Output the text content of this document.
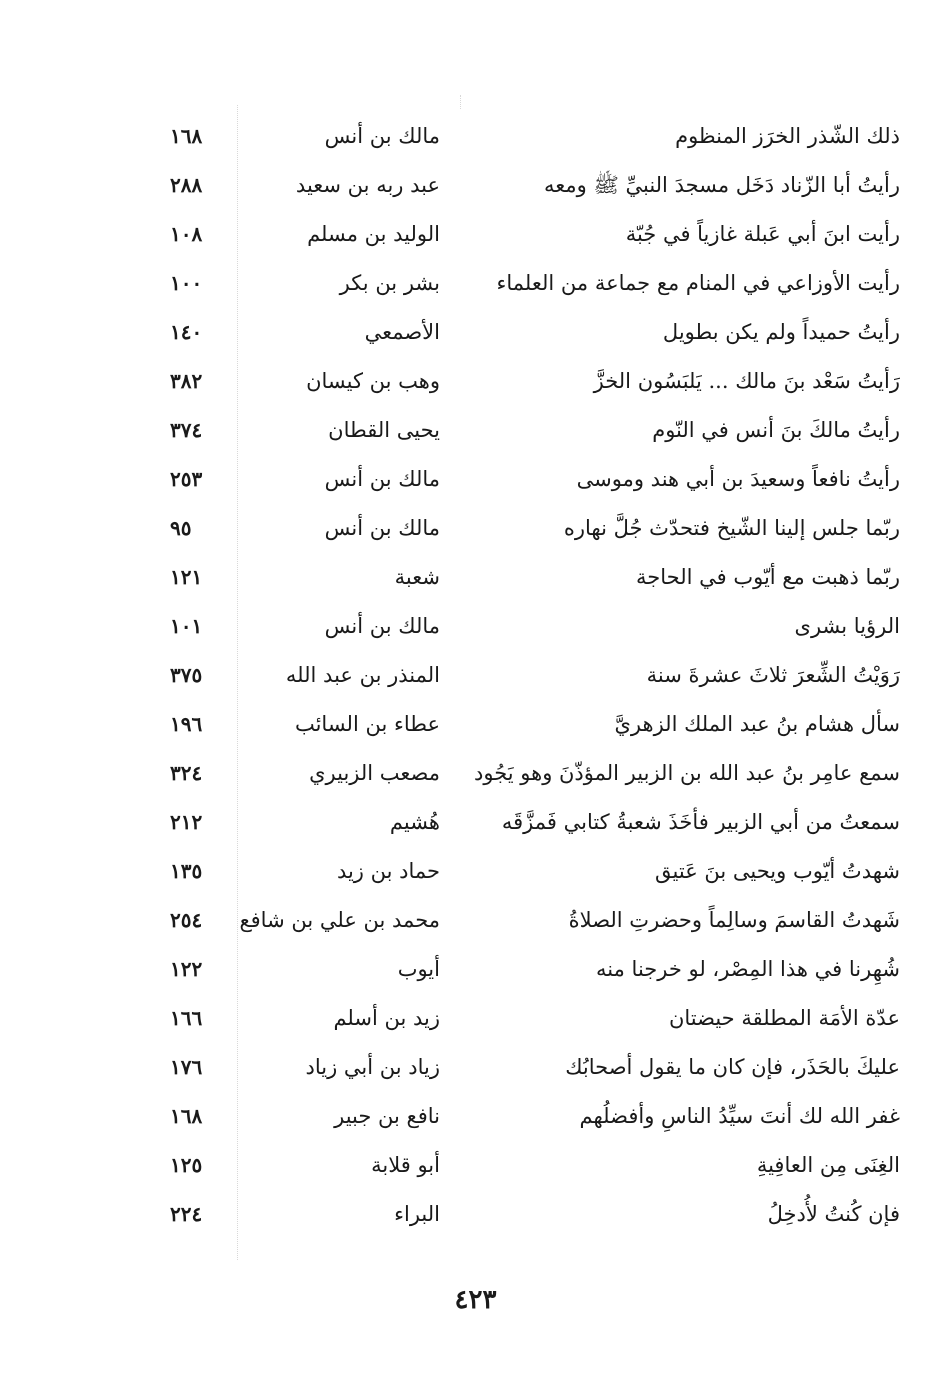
ذلك الشّذر الخرَز المنظوم
مالك بن أنس
١٦٨
رأيتُ أبا الزّناد دَخَل مسجدَ النبيِّ ﷺ ومعه
عبد ربه بن سعيد
٢٨٨
رأيت ابنَ أبي عَبلة غازياً في جُبّة
الوليد بن مسلم
١٠٨
رأيت الأوزاعي في المنام مع جماعة من العلماء
بشر بن بكر
١٠٠
رأيتُ حميداً ولم يكن بطويل
الأصمعي
١٤٠
رَأيتُ سَعْد بنَ مالك ... يَلبَسُون الخزَّ
وهب بن كيسان
٣٨٢
رأيتُ مالكَ بنَ أنس في النّوم
يحيى القطان
٣٧٤
رأيتُ نافعاً وسعيدَ بن أبي هند وموسى
مالك بن أنس
٢٥٣
ربّما جلس إلينا الشّيخ فتحدّث جُلَّ نهاره
مالك بن أنس
٩٥
ربّما ذهبت مع أيّوب في الحاجة
شعبة
١٢١
الرؤيا بشرى
مالك بن أنس
١٠١
رَوَيْتُ الشِّعرَ ثلاثَ عشرةَ سنة
المنذر بن عبد الله
٣٧٥
سأل هشام بنُ عبد الملك الزهريَّ
عطاء بن السائب
١٩٦
سمع عامِر بنُ عبد الله بن الزبير المؤذّنَ وهو يَجُود
مصعب الزبيري
٣٢٤
سمعتُ من أبي الزبير فأخَذَ شعبةُ كتابي فَمزَّقَه
هُشيم
٢١٢
شهدتُ أيّوب ويحيى بنَ عَتيق
حماد بن زيد
١٣٥
شَهدتُ القاسمَ وسالِماً وحضرتِ الصلاةُ
محمد بن علي بن شافع
٢٥٤
شُهِرنا في هذا المِصْر، لو خرجنا منه
أيوب
١٢٢
عدّة الأمَة المطلقة حيضتان
زيد بن أسلم
١٦٦
عليكَ بالحَذَر، فإن كان ما يقول أصحابُك
زياد بن أبي زياد
١٧٦
غفر الله لك أنتَ سيِّدُ الناسِ وأفضلُهم
نافع بن جبير
١٦٨
الغِنَى مِن العافِيةِ
أبو قلابة
١٢٥
فإن كُنتُ لأُدخِلُ
البراء
٢٢٤
٤٢٣
